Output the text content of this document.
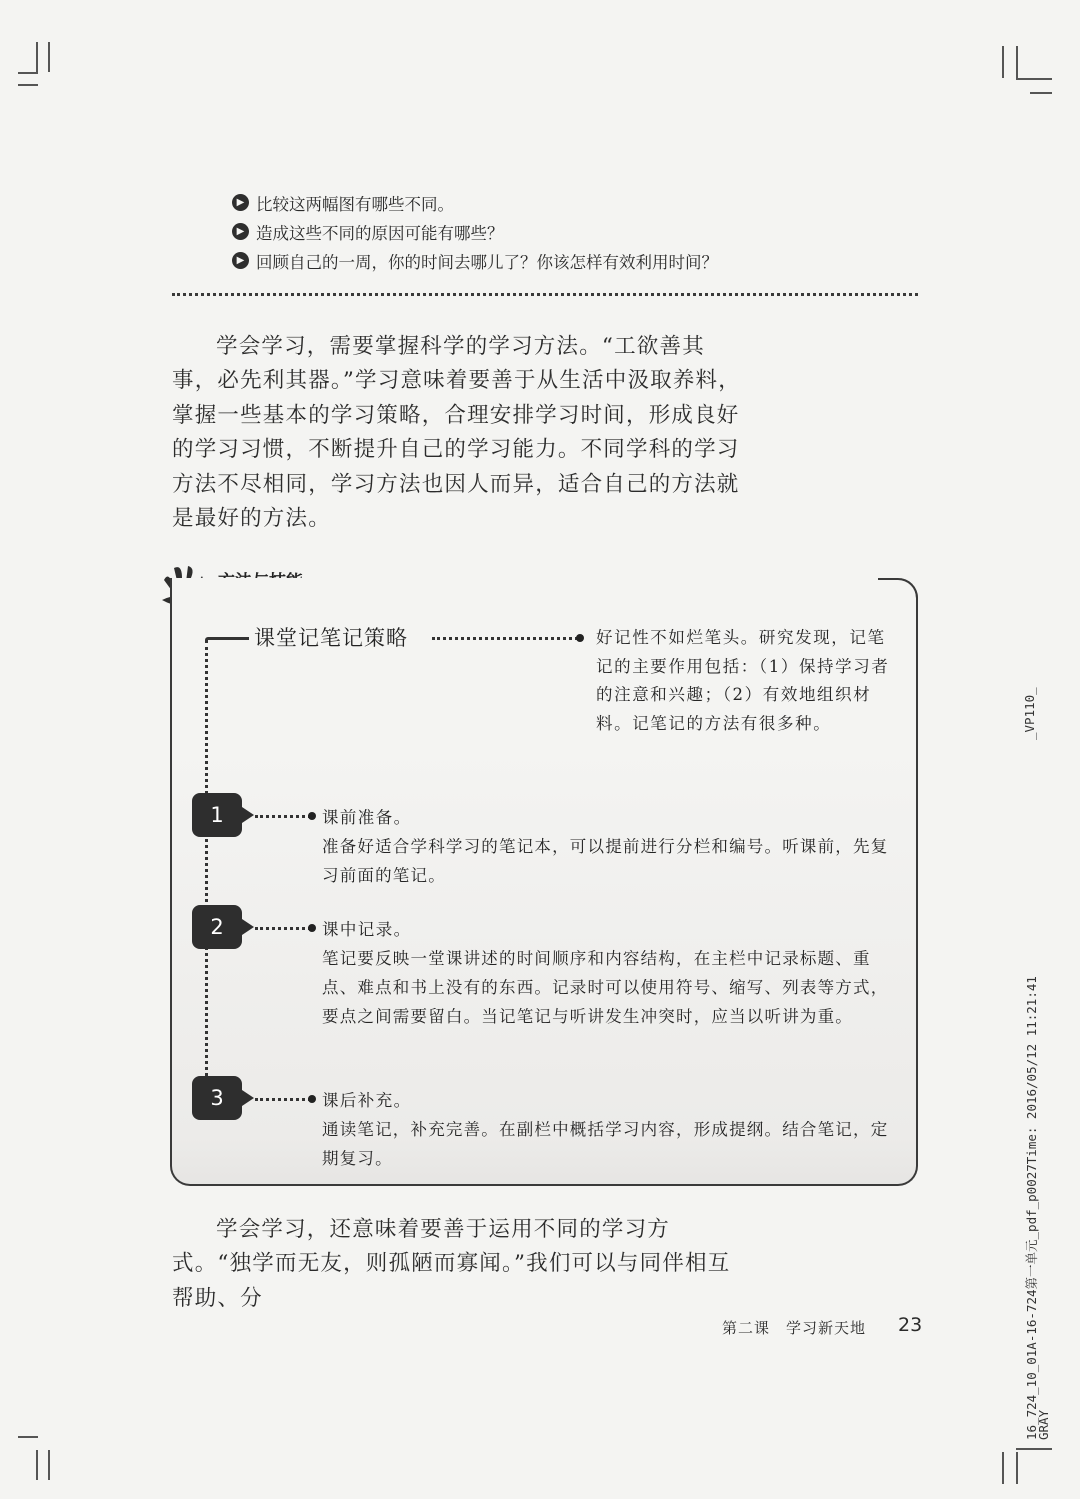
▶ 比较这两幅图有哪些不同。
▶ 造成这些不同的原因可能有哪些？
▶ 回顾自己的一周，你的时间去哪儿了？你该怎样有效利用时间？
学会学习，需要掌握科学的学习方法。“工欲善其事，必先利其器。”学习意味着要善于从生活中汲取养料，掌握一些基本的学习策略，合理安排学习时间，形成良好的学习习惯，不断提升自己的学习能力。不同学科的学习方法不尽相同，学习方法也因人而异，适合自己的方法就是最好的方法。
课堂记笔记策略	好记性不如烂笔头。研究发现，记笔记的主要作用包括：（1）保持学习者的注意和兴趣；（2）有效地组织材料。记笔记的方法有很多种。
1	课前准备。
准备好适合学科学习的笔记本，可以提前进行分栏和编号。听课前，先复习前面的笔记。
2	课中记录。
笔记要反映一堂课讲述的时间顺序和内容结构，在主栏中记录标题、重点、难点和书上没有的东西。记录时可以使用符号、缩写、列表等方式，要点之间需要留白。当记笔记与听讲发生冲突时，应当以听讲为重。
3	课后补充。
通读笔记，补充完善。在副栏中概括学习内容，形成提纲。结合笔记，定期复习。
学会学习，还意味着要善于运用不同的学习方式。“独学而无友，则孤陋而寡闻。”我们可以与同伴相互帮助、分
第二课　学习新天地 23
_VP110_
16_724_10_01A-16-724第一单元_pdf_p0027Time: 2016/05/12 11:21:41
GRAY
